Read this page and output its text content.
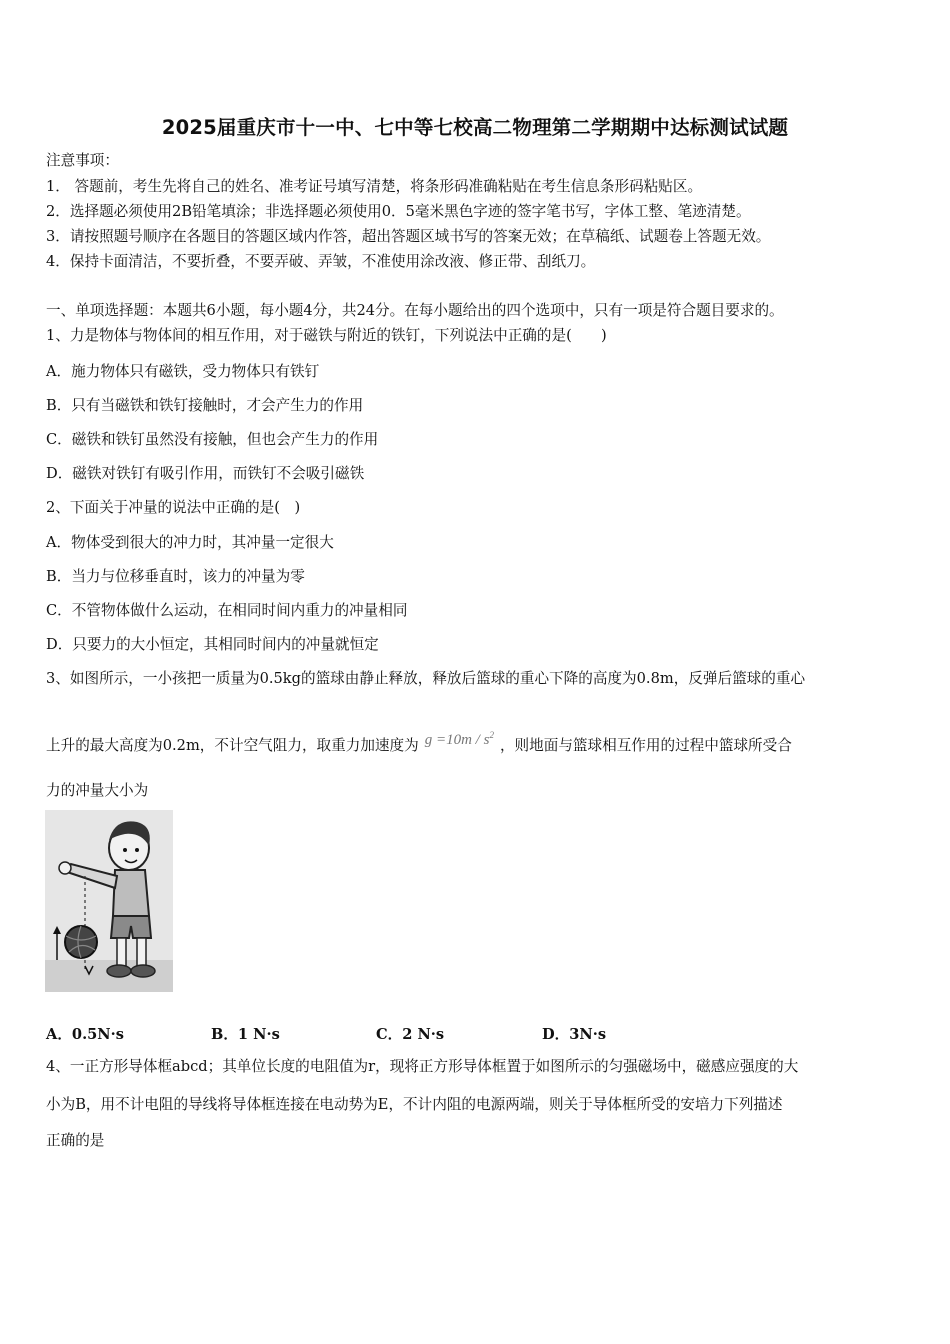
2025届重庆市十一中、七中等七校高二物理第二学期期中达标测试试题
注意事项：
1． 答题前，考生先将自己的姓名、准考证号填写清楚，将条形码准确粘贴在考生信息条形码粘贴区。
2．选择题必须使用2B铅笔填涂；非选择题必须使用0．5毫米黑色字迹的签字笔书写，字体工整、笔迹清楚。
3．请按照题号顺序在各题目的答题区域内作答，超出答题区域书写的答案无效；在草稿纸、试题卷上答题无效。
4．保持卡面清洁，不要折叠，不要弄破、弄皱，不准使用涂改液、修正带、刮纸刀。
一、单项选择题：本题共6小题，每小题4分，共24分。在每小题给出的四个选项中，只有一项是符合题目要求的。
1、力是物体与物体间的相互作用，对于磁铁与附近的铁钉，下列说法中正确的是(　　)
A．施力物体只有磁铁，受力物体只有铁钉
B．只有当磁铁和铁钉接触时，才会产生力的作用
C．磁铁和铁钉虽然没有接触，但也会产生力的作用
D．磁铁对铁钉有吸引作用，而铁钉不会吸引磁铁
2、下面关于冲量的说法中正确的是(　)
A．物体受到很大的冲力时，其冲量一定很大
B．当力与位移垂直时，该力的冲量为零
C．不管物体做什么运动，在相同时间内重力的冲量相同
D．只要力的大小恒定，其相同时间内的冲量就恒定
3、如图所示，一小孩把一质量为0.5kg的篮球由静止释放，释放后篮球的重心下降的高度为0.8m，反弹后篮球的重心
上升的最大高度为0.2m，不计空气阻力，取重力加速度为 $g =10m / s^2$，则地面与篮球相互作用的过程中篮球所受合
力的冲量大小为
A．0.5N·s	B．1 N·s	C．2 N·s	D．3N·s
4、一正方形导体框abcd；其单位长度的电阻值为r，现将正方形导体框置于如图所示的匀强磁场中，磁感应强度的大
小为B，用不计电阻的导线将导体框连接在电动势为E，不计内阻的电源两端，则关于导体框所受的安培力下列描述
正确的是
